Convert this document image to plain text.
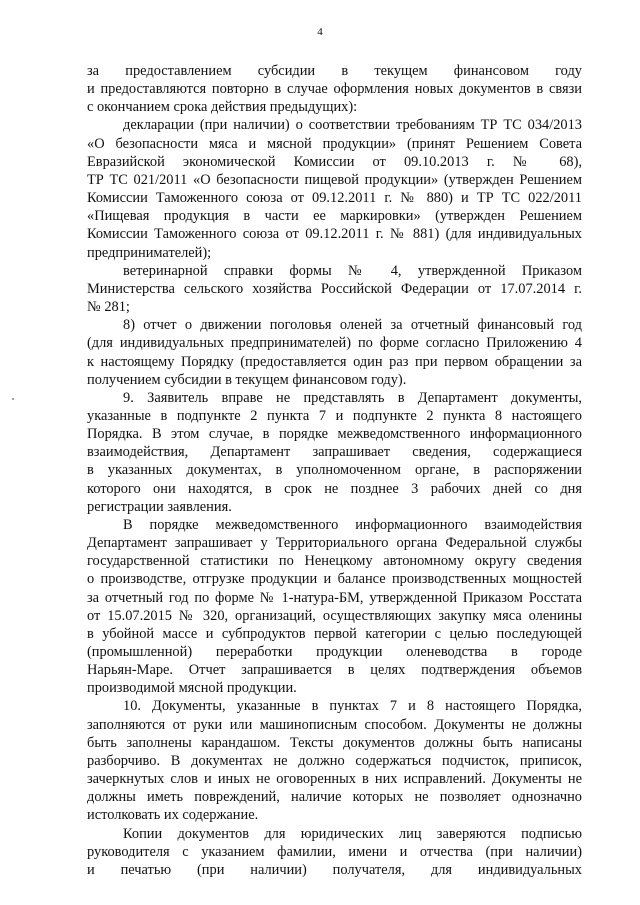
4
за предоставлением субсидии в текущем финансовом году
и предоставляются повторно в случае оформления новых документов в связи
с окончанием срока действия предыдущих):
декларации (при наличии) о соответствии требованиям ТР ТС 034/2013
«О безопасности мяса и мясной продукции» (принят Решением Совета
Евразийской экономической Комиссии от 09.10.2013 г. № 68),
ТР ТС 021/2011 «О безопасности пищевой продукции» (утвержден Решением
Комиссии Таможенного союза от 09.12.2011 г. № 880) и ТР ТС 022/2011
«Пищевая продукция в части ее маркировки» (утвержден Решением
Комиссии Таможенного союза от 09.12.2011 г. № 881) (для индивидуальных
предпринимателей);
ветеринарной справки формы № 4, утвержденной Приказом
Министерства сельского хозяйства Российской Федерации от 17.07.2014 г.
№ 281;
8) отчет о движении поголовья оленей за отчетный финансовый год
(для индивидуальных предпринимателей) по форме согласно Приложению 4
к настоящему Порядку (предоставляется один раз при первом обращении за
получением субсидии в текущем финансовом году).
9. Заявитель вправе не представлять в Департамент документы,
указанные в подпункте 2 пункта 7 и подпункте 2 пункта 8 настоящего
Порядка. В этом случае, в порядке межведомственного информационного
взаимодействия, Департамент запрашивает сведения, содержащиеся
в указанных документах, в уполномоченном органе, в распоряжении
которого они находятся, в срок не позднее 3 рабочих дней со дня
регистрации заявления.
В порядке межведомственного информационного взаимодействия
Департамент запрашивает у Территориального органа Федеральной службы
государственной статистики по Ненецкому автономному округу сведения
о производстве, отгрузке продукции и балансе производственных мощностей
за отчетный год по форме № 1-натура-БМ, утвержденной Приказом Росстата
от 15.07.2015 № 320, организаций, осуществляющих закупку мяса оленины
в убойной массе и субпродуктов первой категории с целью последующей
(промышленной) переработки продукции оленеводства в городе
Нарьян-Маре. Отчет запрашивается в целях подтверждения объемов
производимой мясной продукции.
10. Документы, указанные в пунктах 7 и 8 настоящего Порядка,
заполняются от руки или машинописным способом. Документы не должны
быть заполнены карандашом. Тексты документов должны быть написаны
разборчиво. В документах не должно содержаться подчисток, приписок,
зачеркнутых слов и иных не оговоренных в них исправлений. Документы не
должны иметь повреждений, наличие которых не позволяет однозначно
истолковать их содержание.
Копии документов для юридических лиц заверяются подписью
руководителя с указанием фамилии, имени и отчества (при наличии)
и печатью (при наличии) получателя, для индивидуальных
